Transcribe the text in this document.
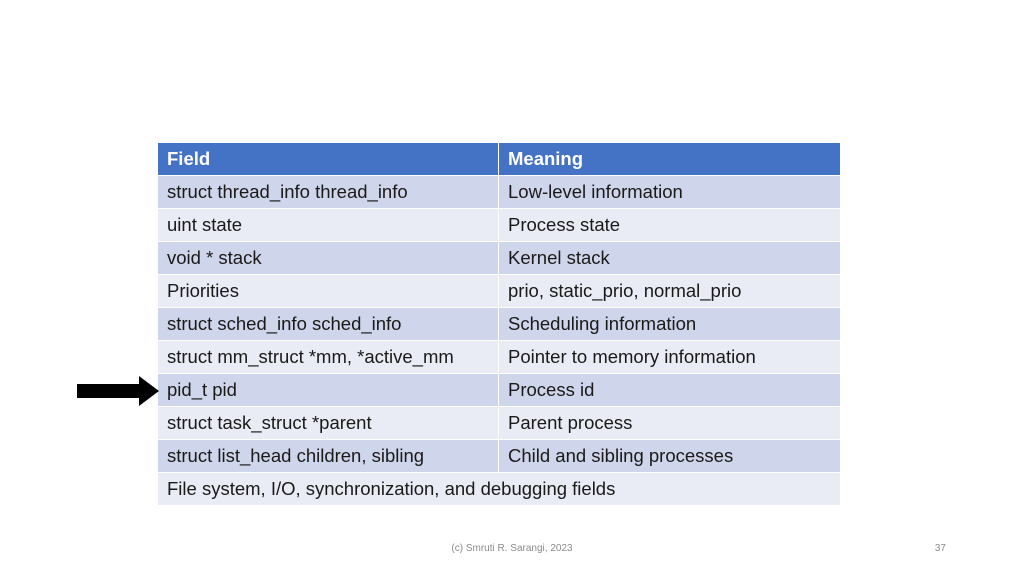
Field	Meaning
struct thread_info thread_info	Low-level information
uint state	Process state
void * stack	Kernel stack
Priorities	prio, static_prio, normal_prio
struct sched_info sched_info	Scheduling information
struct mm_struct *mm, *active_mm	Pointer to memory information
pid_t pid	Process id
struct task_struct *parent	Parent process
struct list_head children, sibling	Child and sibling processes
File system, I/O, synchronization, and debugging fields	
(c) Smruti R. Sarangi, 2023	37
